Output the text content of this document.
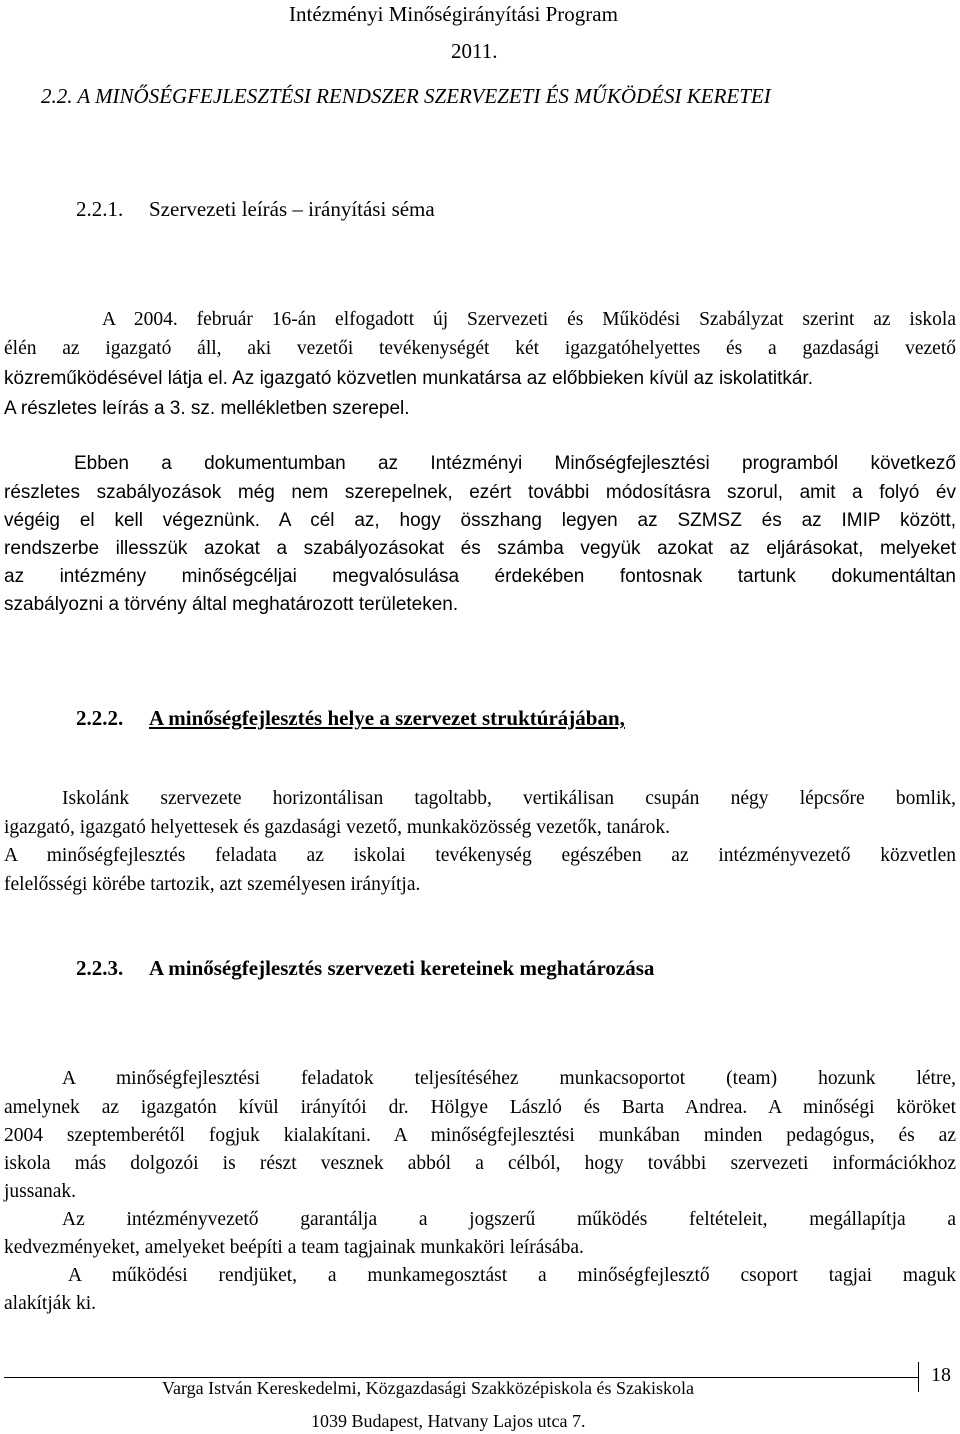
Intézményi Minőségirányítási Program
2011.
2.2. A MINŐSÉGFEJLESZTÉSI RENDSZER SZERVEZETI ÉS MŰKÖDÉSI KERETEI
2.2.1. Szervezeti leírás – irányítási séma
A 2004. február 16-án elfogadott új Szervezeti és Működési Szabályzat szerint az iskola
élén az igazgató áll, aki vezetői tevékenységét két igazgatóhelyettes és a gazdasági vezető
közreműködésével látja el. Az igazgató közvetlen munkatársa az előbbieken kívül az iskolatitkár.
A részletes leírás a 3. sz. mellékletben szerepel.
Ebben a dokumentumban az Intézményi Minőségfejlesztési programból következő
részletes szabályozások még nem szerepelnek, ezért további módosításra szorul, amit a folyó év
végéig el kell végeznünk. A cél az, hogy összhang legyen az SZMSZ és az IMIP között,
rendszerbe illesszük azokat a szabályozásokat és számba vegyük azokat az eljárásokat, melyeket
az intézmény minőségcéljai megvalósulása érdekében fontosnak tartunk dokumentáltan
szabályozni a törvény által meghatározott területeken.
2.2.2. A minőségfejlesztés helye a szervezet struktúrájában,
Iskolánk szervezete horizontálisan tagoltabb, vertikálisan csupán négy lépcsőre bomlik,
igazgató, igazgató helyettesek és gazdasági vezető, munkaközösség vezetők, tanárok.
A minőségfejlesztés feladata az iskolai tevékenység egészében az intézményvezető közvetlen
felelősségi körébe tartozik, azt személyesen irányítja.
2.2.3. A minőségfejlesztés szervezeti kereteinek meghatározása
A minőségfejlesztési feladatok teljesítéséhez munkacsoportot (team) hozunk létre,
amelynek az igazgatón kívül irányítói dr. Hölgye László és Barta Andrea. A minőségi köröket
2004 szeptemberétől fogjuk kialakítani. A minőségfejlesztési munkában minden pedagógus, és az
iskola más dolgozói is részt vesznek abból a célból, hogy további szervezeti információkhoz
jussanak.
Az intézményvezető garantálja a jogszerű működés feltételeit, megállapítja a
kedvezményeket, amelyeket beépíti a team tagjainak munkaköri leírásába.
A működési rendjüket, a munkamegosztást a minőségfejlesztő csoport tagjai maguk
alakítják ki.
18
Varga István Kereskedelmi, Közgazdasági Szakközépiskola és Szakiskola
1039 Budapest, Hatvany Lajos utca 7.
